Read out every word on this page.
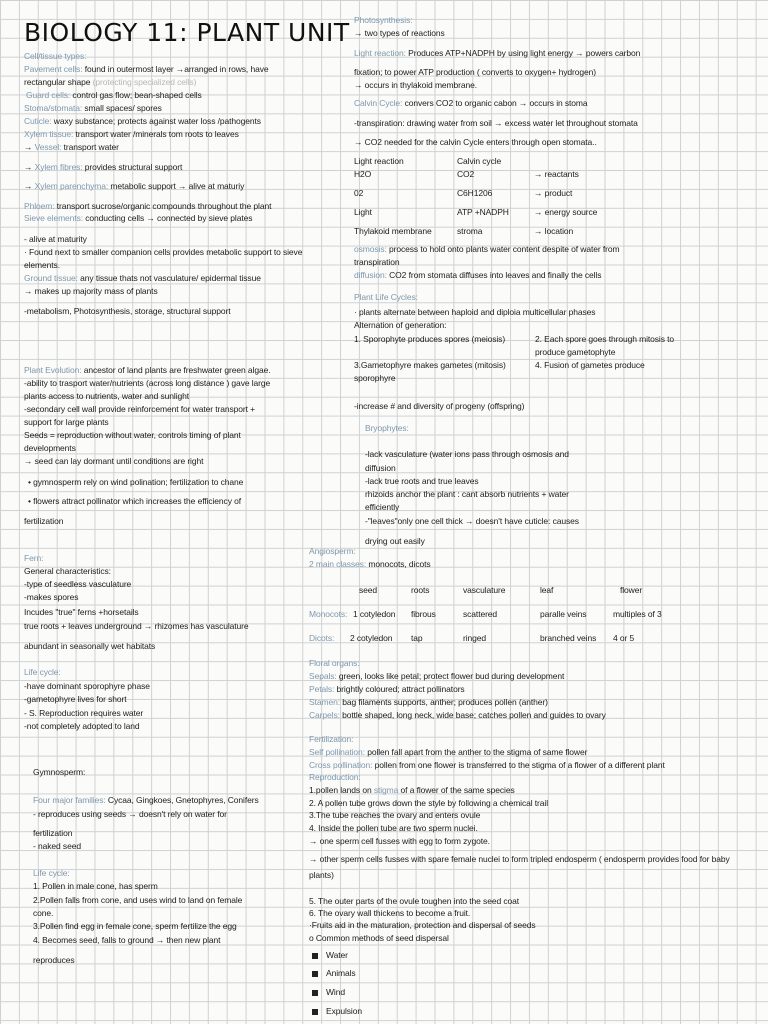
BIOLOGY 11: PLANT UNIT
Cell/tissue types:
Pavement cells: found in outermost layer →arranged in rows, have
rectangular shape (protecting specialized cells)
Guard cells: control gas flow; bean-shaped cells
Stoma/stomata: small spaces/ spores
Cuticle: waxy substance; protects against water loss /pathogents
Xylem tissue: transport water /minerals tom roots to leaves
→ Vessel: transport water
→ Xylem fibres: provides structural support
→ Xylem parenchyma: metabolic support → alive at maturiy
Phloem: transport sucrose/organic compounds throughout the plant
Sieve elements: conducting cells → connected by sieve plates
- alive at maturity
· Found next to smaller companion cells provides metabolic support to sieve
elements.
Ground tissue: any tissue thats not vasculature/ epidermal tissue
→ makes up majority mass of plants
-metabolism, Photosynthesis, storage, structural support
Plant Evolution: ancestor of land plants are freshwater green algae.
-ability to trasport water/nutrients (across long distance ) gave large
plants access to nutrients, water and sunlight
-secondary cell wall provide reinforcement for water transport +
support for large plants
Seeds = reproduction without water, controls timing of plant
developments
→ seed can lay dormant until conditions are right
• gymnosperm rely on wind polination; fertilization to chane
• flowers attract pollinator which increases the efficiency of
fertilization
Fern:
General characteristics:
-type of seedless vasculature
-makes spores
Incudes "true" ferns +horsetails
true roots + leaves underground → rhizomes has vasculature
abundant in seasonally wet habitats
Life cycle:
-have dominant sporophyre phase
-gametophyre lives for short
- S. Reproduction requires water
-not completely adopted to land
Gymnosperm:
Four major families: Cycaa, Gingkoes, Gnetophyres, Conifers
- reproduces using seeds → doesn't rely on water for
fertilization
- naked seed
Life cycle:
1. Pollen in male cone, has sperm
2.Pollen falls from cone, and uses wind to land on female
cone.
3.Pollen find egg in female cone, sperm fertilize the egg
4. Becomes seed, falls to ground → then new plant
reproduces
Photosynthesis:
→ two types of reactions
Light reaction: Produces ATP+NADPH by using light energy → powers carbon
fixation; to power ATP production ( converts to oxygen+ hydrogen)
→ occurs in thylakoid membrane.
Calvin Cycle: convers CO2 to organic cabon → occurs in stoma
-transpiration: drawing water from soil → excess water let throughout stomata
→ CO2 needed for the calvin Cycle enters through open stomata..
Light reaction	Calvin cycle
H2O	CO2	→ reactants
02	C6H1206	→ product
Light	ATP +NADPH	→ energy source
Thylakoid membrane	stroma	→ location
osmosis: process to hold onto plants water content despite of water from
transpiration
diffusion: CO2 from stomata diffuses into leaves and finally the cells
Plant Life Cycles:
· plants alternate between haploid and diploia multicellular phases
Alternation of generation:
1. Sporophyte produces spores (meiosis)	2. Each spore goes through mitosis to
produce gametophyte
3.Gametophyre makes gametes (mitosis)	4. Fusion of gametes produce
sporophyre
-increase # and diversity of progeny (offspring)
Bryophytes:
-lack vasculature (water ions pass through osmosis and
diffusion
-lack true roots and true leaves
rhizoids anchor the plant : cant absorb nutrients + water
efficiently
-"leaves"only one cell thick → doesn't have cuticle: causes
drying out easily
Angiosperm:
2 main classes: monocots, dicots
seed	roots	vasculature	leaf	flower
Monocots: 1 cotyledon fibrous	scattered	paralle veins	multiples of 3
Dicots: 2 cotyledon tap	ringed	branched veins 4 or 5
Floral organs:
Sepals: green, looks like petal; protect flower bud during development
Petals: brightly coloured; attract pollinators
Stamen: bag filaments supports, anther; produces pollen (anther)
Carpels: bottle shaped, long neck, wide base; catches pollen and guides to ovary
Fertilization:
Self pollination: pollen fall apart from the anther to the stigma of same flower
Cross pollination: pollen from one flower is transferred to the stigma of a flower of a different plant
Reproduction:
1.pollen lands on stigma of a flower of the same species
2. A pollen tube grows down the style by following a chemical trail
3.The tube reaches the ovary and enters ovule
4. Inside the pollen tube are two sperm nuclei.
→ one sperm cell fusses with egg to form zygote.
→ other sperm cells fusses with spare female nuclei to form tripled endosperm ( endosperm provides food for baby
plants)
5. The outer parts of the ovule toughen into the seed coat
6. The ovary wall thickens to become a fruit.
·Fruits aid in the maturation, protection and dispersal of seeds
o Common methods of seed dispersal
Water
Animals
Wind
Expulsion
